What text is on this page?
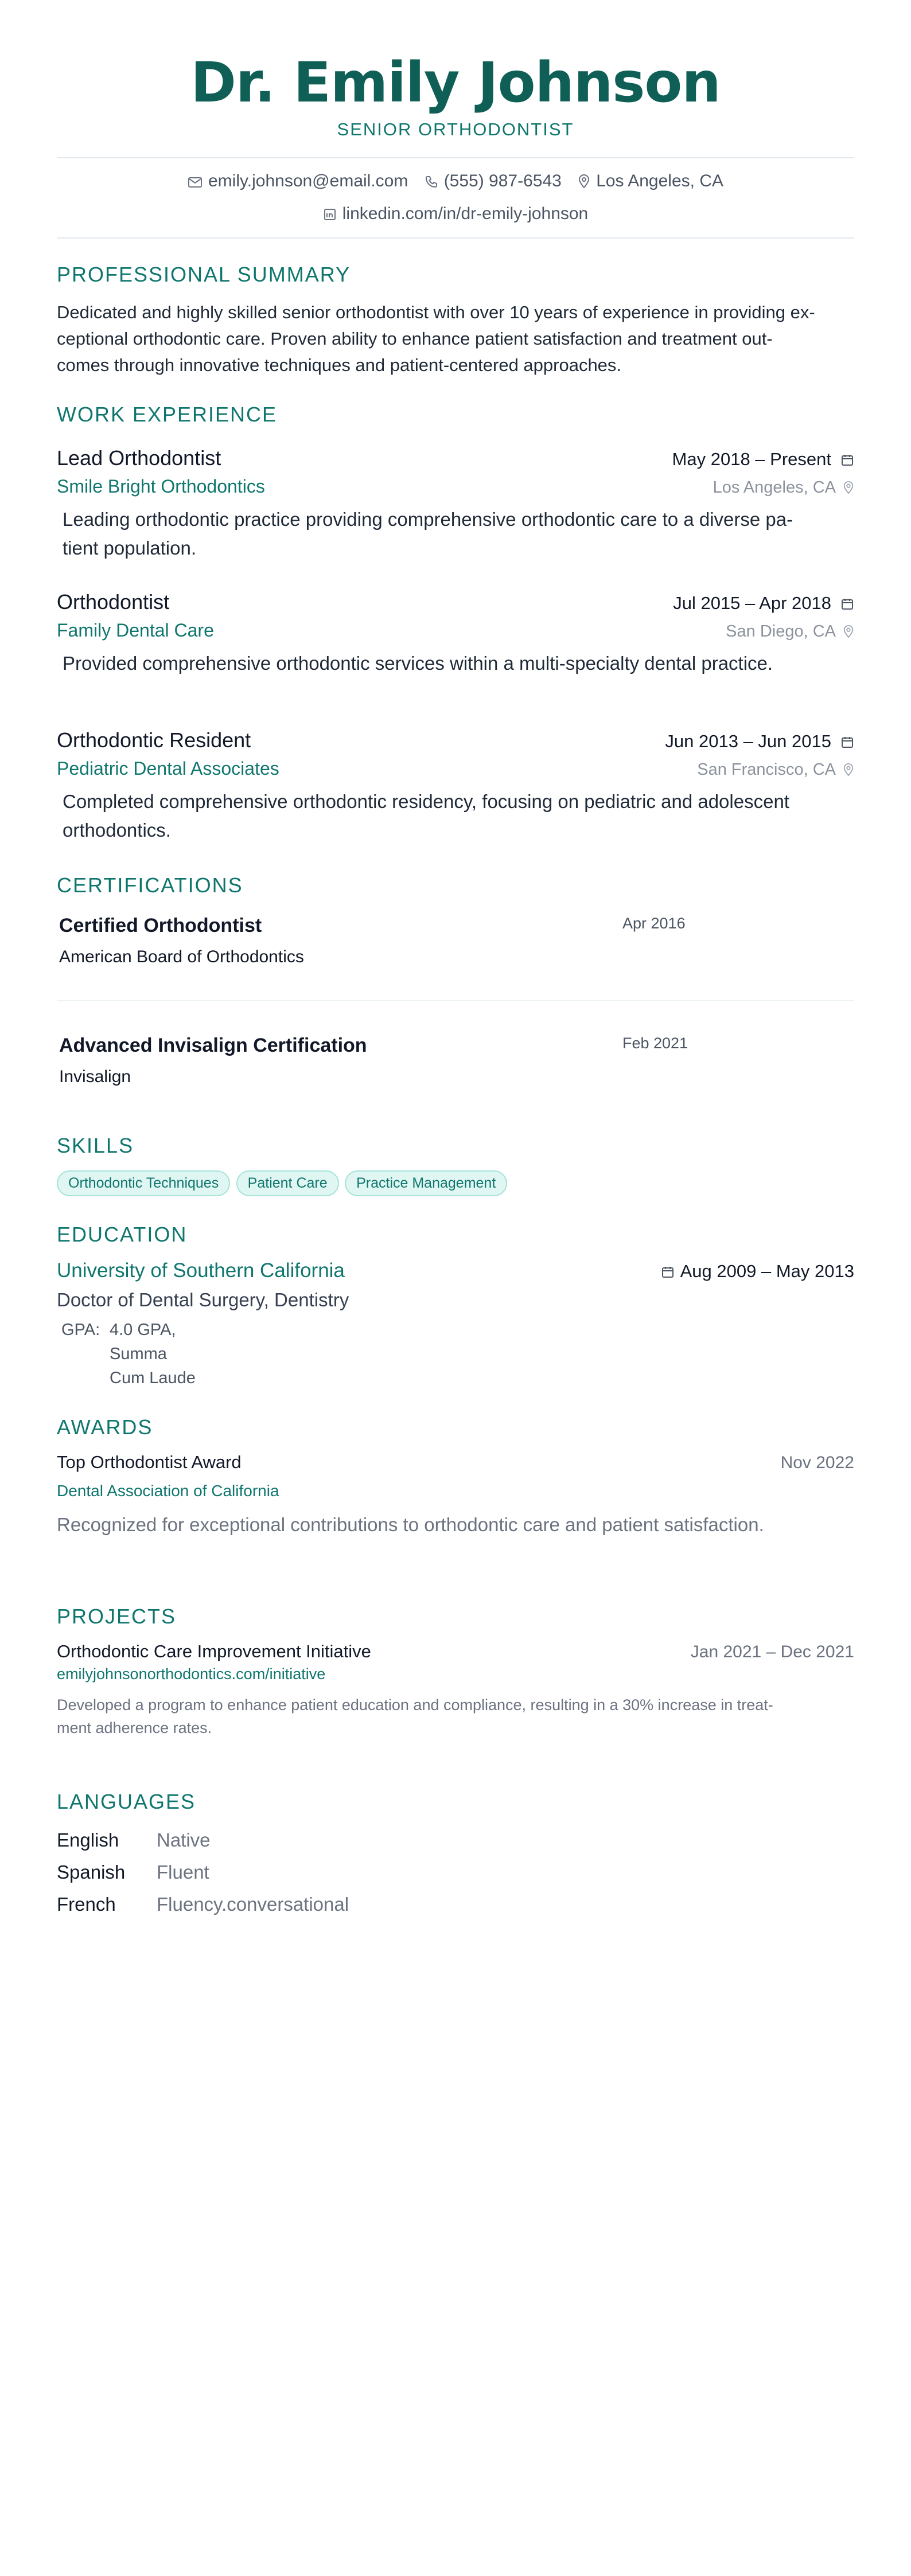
Dr. Emily Johnson
SENIOR ORTHODONTIST
emily.johnson@email.com (555) 987-6543 Los Angeles, CA
linkedin.com/in/dr-emily-johnson
PROFESSIONAL SUMMARY
Dedicated and highly skilled senior orthodontist with over 10 years of experience in providing ex-
ceptional orthodontic care. Proven ability to enhance patient satisfaction and treatment out-
comes through innovative techniques and patient-centered approaches.
WORK EXPERIENCE
Lead Orthodontist	May 2018 – Present
Smile Bright Orthodontics	Los Angeles, CA
Leading orthodontic practice providing comprehensive orthodontic care to a diverse pa-
tient population.
Orthodontist	Jul 2015 – Apr 2018
Family Dental Care	San Diego, CA
Provided comprehensive orthodontic services within a multi-specialty dental practice.
Orthodontic Resident	Jun 2013 – Jun 2015
Pediatric Dental Associates	San Francisco, CA
Completed comprehensive orthodontic residency, focusing on pediatric and adolescent
orthodontics.
CERTIFICATIONS
Certified Orthodontist
American Board of Orthodontics
Apr 2016
Advanced Invisalign Certification
Invisalign
Feb 2021
SKILLS
Orthodontic Techniques Patient Care Practice Management
EDUCATION
University of Southern California	Aug 2009 – May 2013
Doctor of Dental Surgery, Dentistry
GPA: 4.0 GPA,
Summa
Cum Laude
AWARDS
Top Orthodontist Award	Nov 2022
Dental Association of California
Recognized for exceptional contributions to orthodontic care and patient satisfaction.
PROJECTS
Orthodontic Care Improvement Initiative	Jan 2021 – Dec 2021
emilyjohnsonorthodontics.com/initiative
Developed a program to enhance patient education and compliance, resulting in a 30% increase in treat-
ment adherence rates.
LANGUAGES
English	Native
Spanish	Fluent
French	Fluency.conversational
